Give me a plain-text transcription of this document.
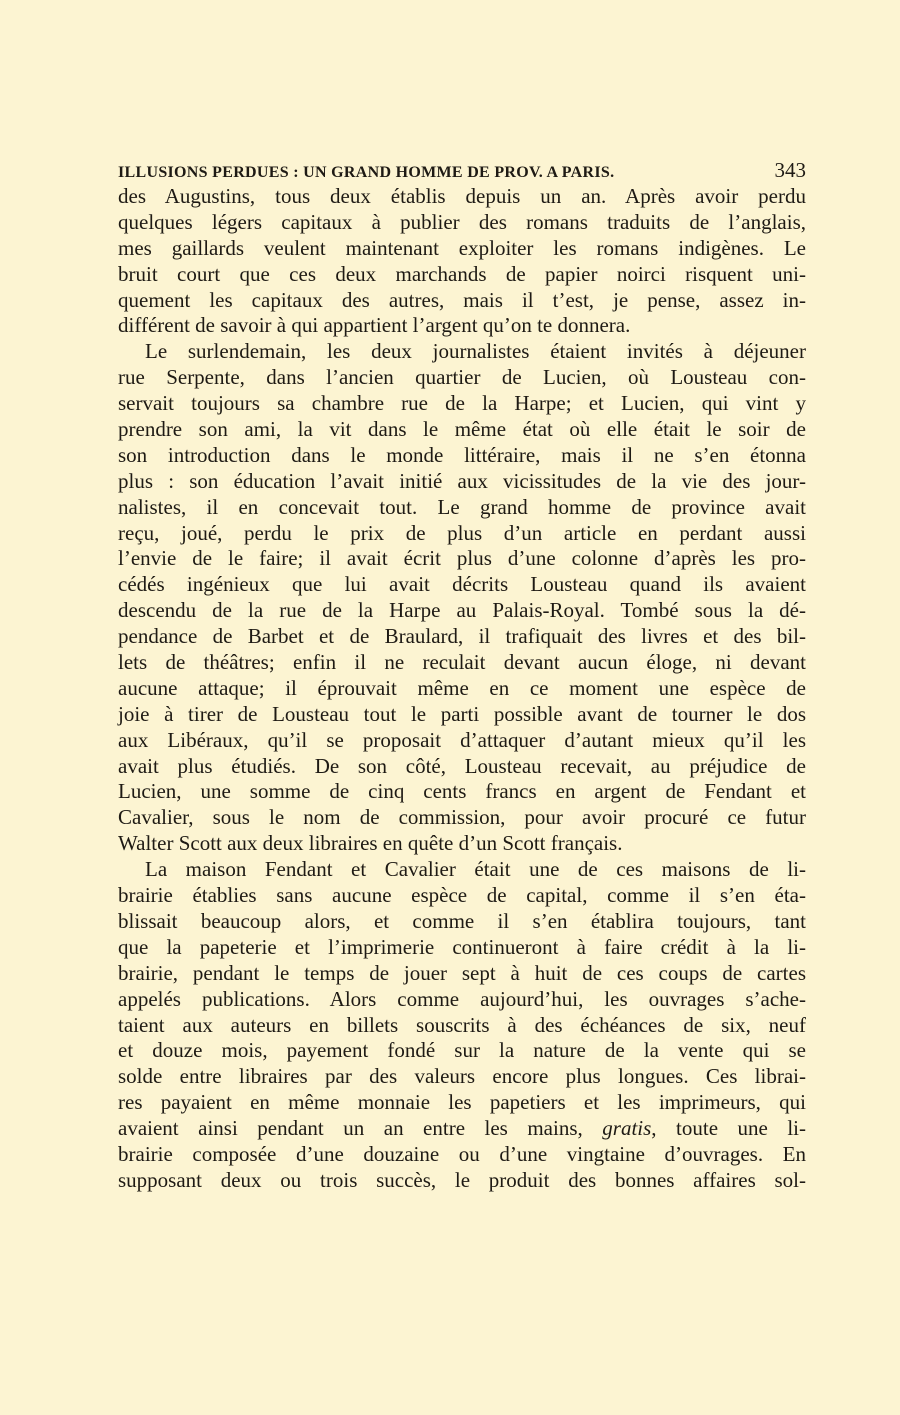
ILLUSIONS PERDUES : UN GRAND HOMME DE PROV. A PARIS.	343
des Augustins, tous deux établis depuis un an. Après avoir perdu
quelques légers capitaux à publier des romans traduits de l’anglais,
mes gaillards veulent maintenant exploiter les romans indigènes. Le
bruit court que ces deux marchands de papier noirci risquent uni-
quement les capitaux des autres, mais il t’est, je pense, assez in-
différent de savoir à qui appartient l’argent qu’on te donnera.
Le surlendemain, les deux journalistes étaient invités à déjeuner
rue Serpente, dans l’ancien quartier de Lucien, où Lousteau con-
servait toujours sa chambre rue de la Harpe; et Lucien, qui vint y
prendre son ami, la vit dans le même état où elle était le soir de
son introduction dans le monde littéraire, mais il ne s’en étonna
plus : son éducation l’avait initié aux vicissitudes de la vie des jour-
nalistes, il en concevait tout. Le grand homme de province avait
reçu, joué, perdu le prix de plus d’un article en perdant aussi
l’envie de le faire; il avait écrit plus d’une colonne d’après les pro-
cédés ingénieux que lui avait décrits Lousteau quand ils avaient
descendu de la rue de la Harpe au Palais-Royal. Tombé sous la dé-
pendance de Barbet et de Braulard, il trafiquait des livres et des bil-
lets de théâtres; enfin il ne reculait devant aucun éloge, ni devant
aucune attaque; il éprouvait même en ce moment une espèce de
joie à tirer de Lousteau tout le parti possible avant de tourner le dos
aux Libéraux, qu’il se proposait d’attaquer d’autant mieux qu’il les
avait plus étudiés. De son côté, Lousteau recevait, au préjudice de
Lucien, une somme de cinq cents francs en argent de Fendant et
Cavalier, sous le nom de commission, pour avoir procuré ce futur
Walter Scott aux deux libraires en quête d’un Scott français.
La maison Fendant et Cavalier était une de ces maisons de li-
brairie établies sans aucune espèce de capital, comme il s’en éta-
blissait beaucoup alors, et comme il s’en établira toujours, tant
que la papeterie et l’imprimerie continueront à faire crédit à la li-
brairie, pendant le temps de jouer sept à huit de ces coups de cartes
appelés publications. Alors comme aujourd’hui, les ouvrages s’ache-
taient aux auteurs en billets souscrits à des échéances de six, neuf
et douze mois, payement fondé sur la nature de la vente qui se
solde entre libraires par des valeurs encore plus longues. Ces librai-
res payaient en même monnaie les papetiers et les imprimeurs, qui
avaient ainsi pendant un an entre les mains, gratis, toute une li-
brairie composée d’une douzaine ou d’une vingtaine d’ouvrages. En
supposant deux ou trois succès, le produit des bonnes affaires sol-
